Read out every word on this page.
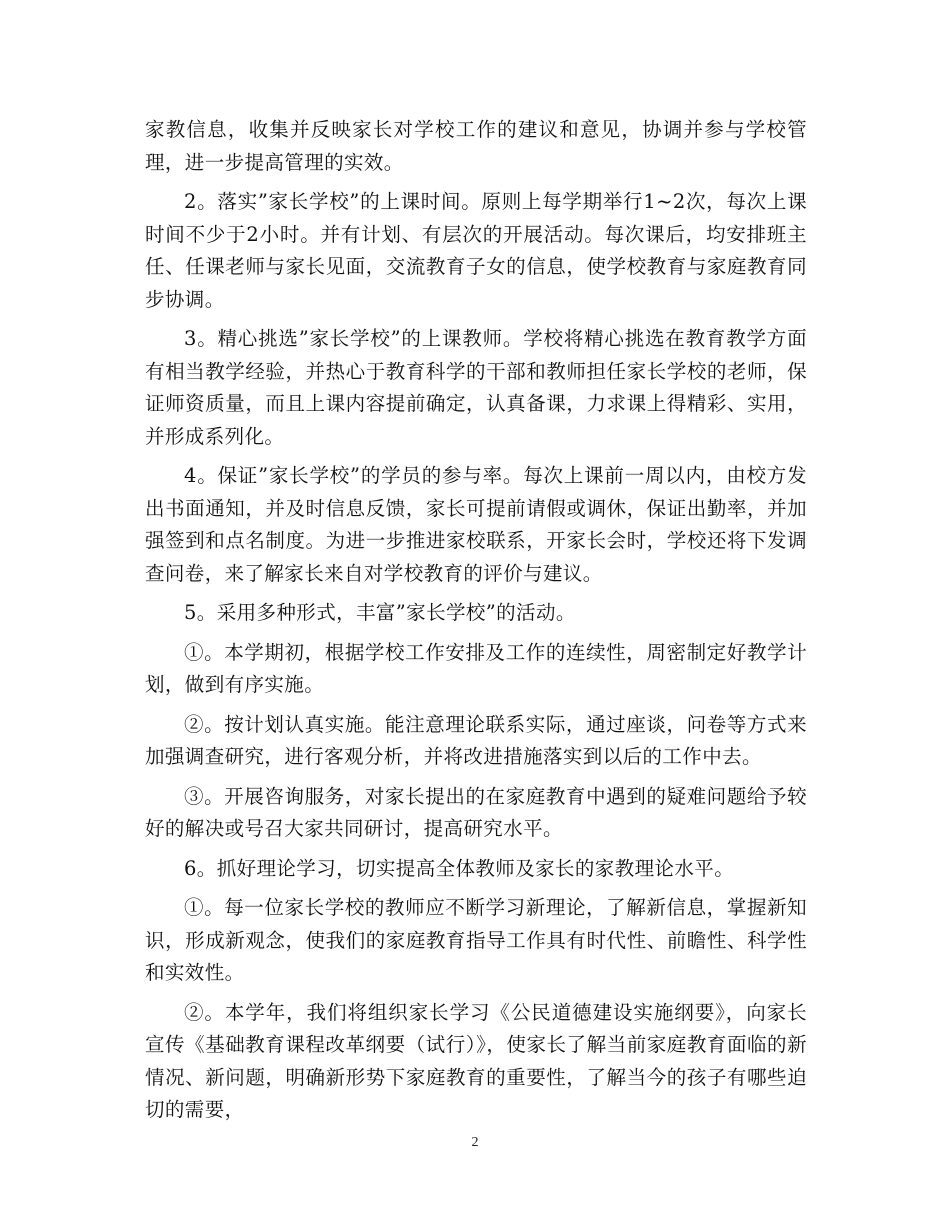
家教信息，收集并反映家长对学校工作的建议和意见，协调并参与学校管理，进一步提高管理的实效。

2。落实”家长学校”的上课时间。原则上每学期举行1~2次，每次上课时间不少于2小时。并有计划、有层次的开展活动。每次课后，均安排班主任、任课老师与家长见面，交流教育子女的信息，使学校教育与家庭教育同步协调。

3。精心挑选”家长学校”的上课教师。学校将精心挑选在教育教学方面有相当教学经验，并热心于教育科学的干部和教师担任家长学校的老师，保证师资质量，而且上课内容提前确定，认真备课，力求课上得精彩、实用，并形成系列化。

4。保证”家长学校”的学员的参与率。每次上课前一周以内，由校方发出书面通知，并及时信息反馈，家长可提前请假或调休，保证出勤率，并加强签到和点名制度。为进一步推进家校联系，开家长会时，学校还将下发调查问卷，来了解家长来自对学校教育的评价与建议。

5。采用多种形式，丰富”家长学校”的活动。

①。本学期初，根据学校工作安排及工作的连续性，周密制定好教学计划，做到有序实施。

②。按计划认真实施。能注意理论联系实际，通过座谈，问卷等方式来加强调查研究，进行客观分析，并将改进措施落实到以后的工作中去。

③。开展咨询服务，对家长提出的在家庭教育中遇到的疑难问题给予较好的解决或号召大家共同研讨，提高研究水平。

6。抓好理论学习，切实提高全体教师及家长的家教理论水平。

①。每一位家长学校的教师应不断学习新理论，了解新信息，掌握新知识，形成新观念，使我们的家庭教育指导工作具有时代性、前瞻性、科学性和实效性。

②。本学年，我们将组织家长学习《公民道德建设实施纲要》，向家长宣传《基础教育课程改革纲要（试行）》，使家长了解当前家庭教育面临的新情况、新问题，明确新形势下家庭教育的重要性，了解当今的孩子有哪些迫切的需要，

2
